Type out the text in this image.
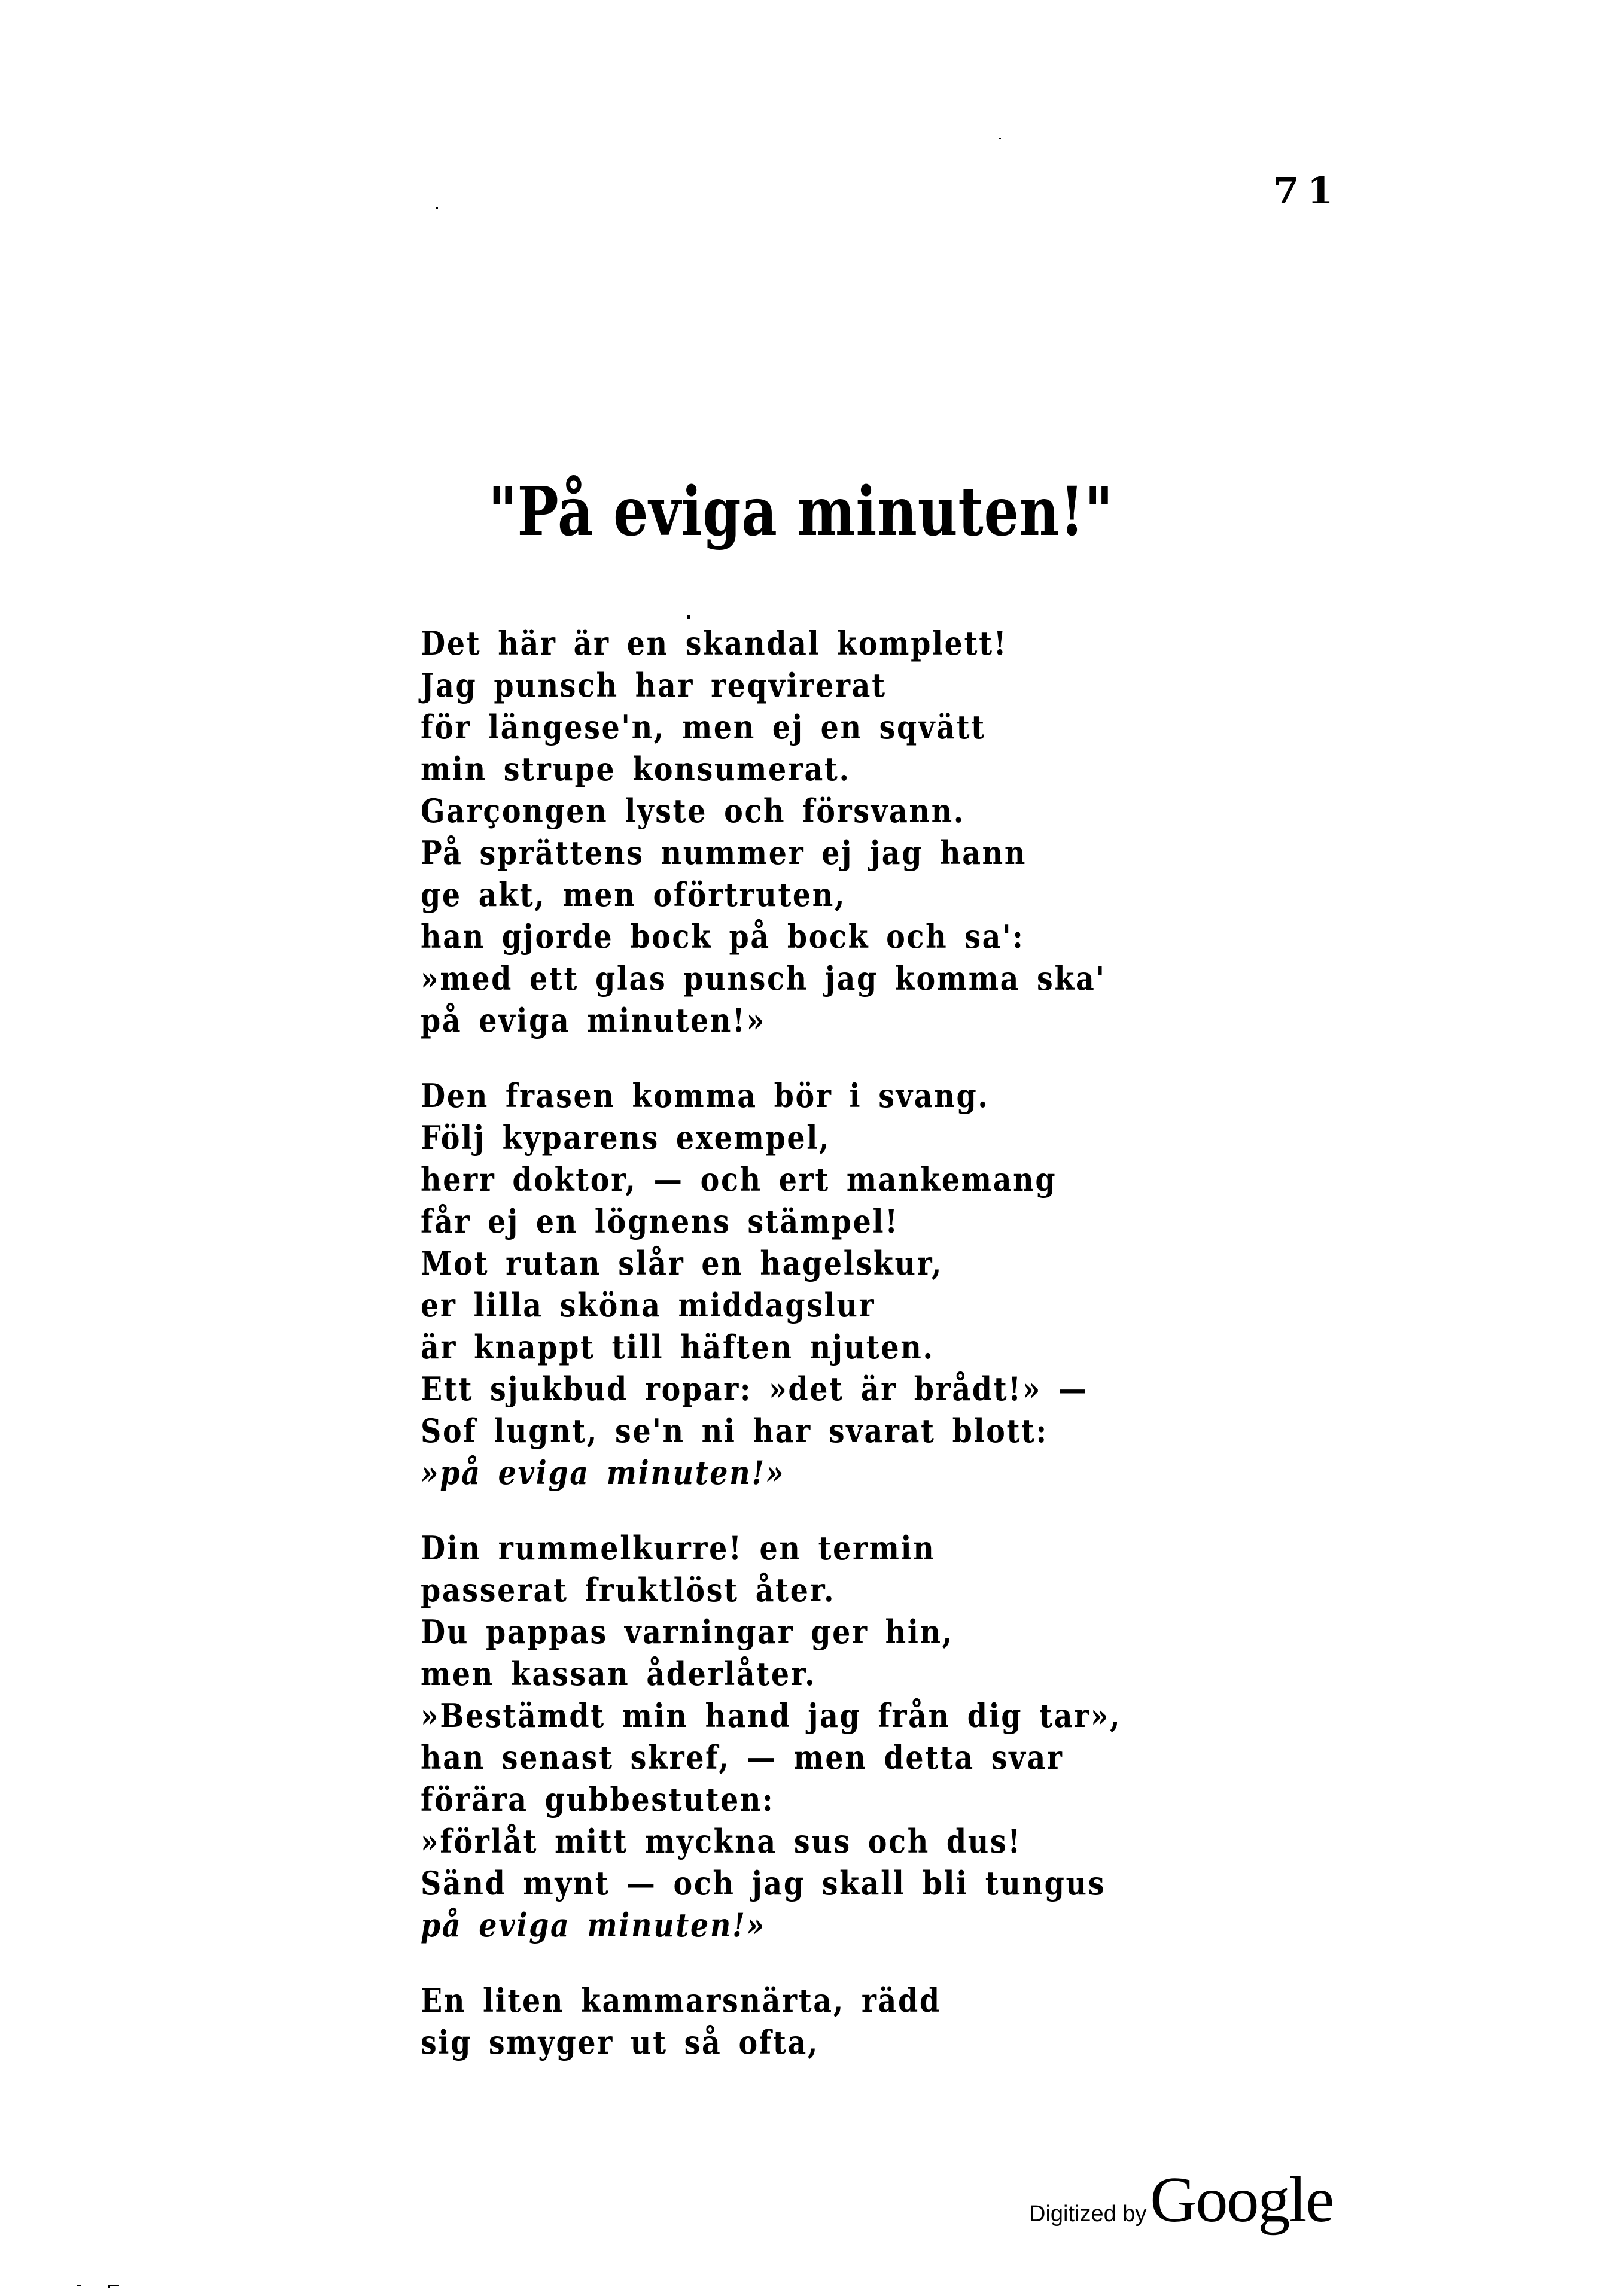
71
"På eviga minuten!"
Det här är en skandal komplett!
Jag punsch har reqvirerat
för längese'n, men ej en sqvätt
min strupe konsumerat.
Garçongen lyste och försvann.
På sprättens nummer ej jag hann
ge akt, men oförtruten,
han gjorde bock på bock och sa':
»med ett glas punsch jag komma ska'
på eviga minuten!»
Den frasen komma bör i svang.
Följ kyparens exempel,
herr doktor, — och ert mankemang
får ej en lögnens stämpel!
Mot rutan slår en hagelskur,
er lilla sköna middagslur
är knappt till häften njuten.
Ett sjukbud ropar: »det är brådt!» —
Sof lugnt, se'n ni har svarat blott:
»på eviga minuten!»
Din rummelkurre! en termin
passerat fruktlöst åter.
Du pappas varningar ger hin,
men kassan åderlåter.
»Bestämdt min hand jag från dig tar»,
han senast skref, — men detta svar
förära gubbestuten:
»förlåt mitt myckna sus och dus!
Sänd mynt — och jag skall bli tungus
på eviga minuten!»
En liten kammarsnärta, rädd
sig smyger ut så ofta,
Digitized byGoogle
